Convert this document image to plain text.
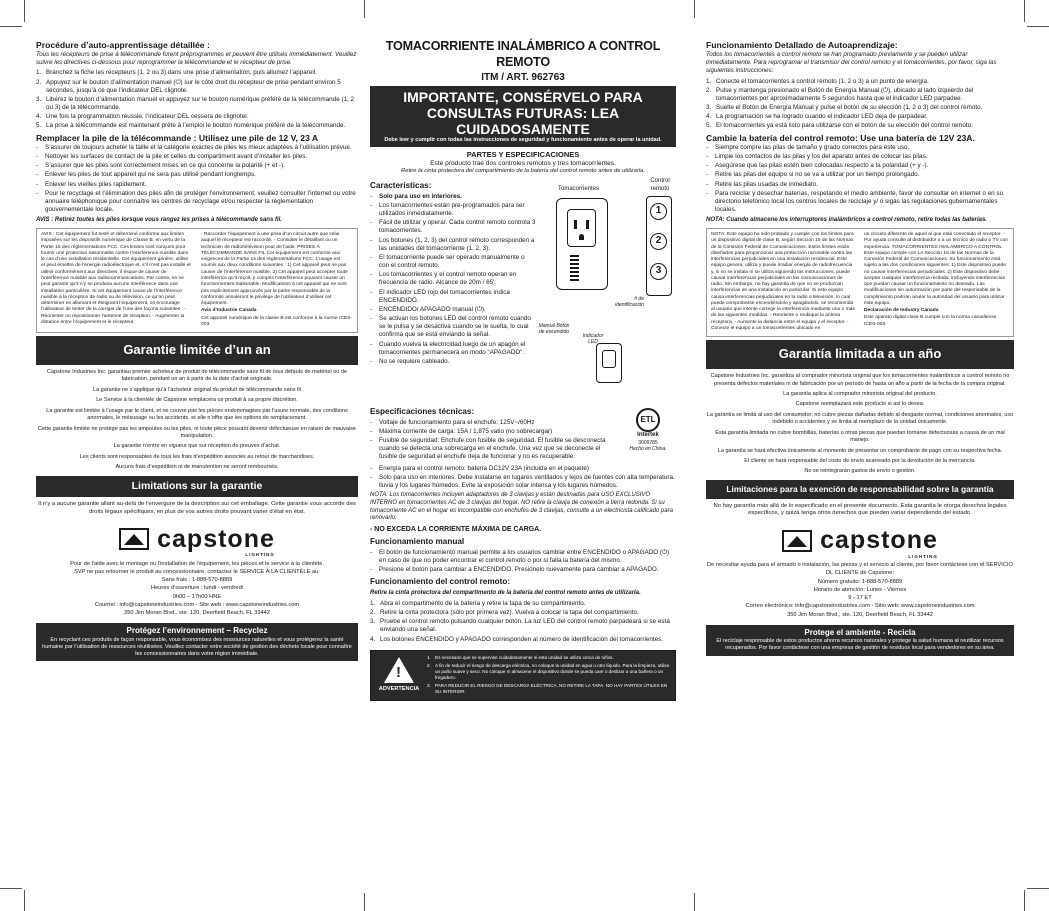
Procédure d’auto-apprentissage détaillée :

Tous les récepteurs de prise à télécommande furent préprogrammés et peuvent être utilisés immédiatement. Veuillez suivre les directives ci-dessous pour reprogrammer la télécommande et le récepteur de prise.

1. Branchez la fiche les récepteurs (1, 2 ou 3) dans une prise d’alimentation, puis allumez l’appareil.
2. Appuyez sur le bouton d’alimentation manuel (⏻) sur le côté droit du récepteur de prise pendant environ 5 secondes, jusqu’à ce que l’indicateur DEL clignote.
3. Libérez le bouton d’alimentation manuel et appuyez sur le bouton numérique préféré de la télécommande (1, 2 ou 3) de la télécommande.
4. Une fois la programmation réussie, l’indicateur DEL cessera de clignoter.
5. La prise à télécommande est maintenant prête à l’emploi le bouton numérique préféré de la télécommande.
Remplacer la pile de la télécommande : Utilisez une pile de 12 V, 23 A
-	S’assurer de toujours acheter la taille et la catégorie exactes de piles les mieux adaptées à l’utilisation prévue.
-	Nettoyer les surfaces de contact de la pile et celles du compartiment avant d’installer les piles.
-	S’assurer que les piles sont correctement mises en ce qui concerne la polarité (+ et -).
-	Enlever les piles de tout appareil qui ne sera pas utilisé pendant longtemps.
-	Enlever les vieilles piles rapidement.
-	Pour le recyclage et l’élimination des piles afin de protéger l’environnement, veuillez consulter l’internet ou votre annuaire téléphonique pour connaître les centres de recyclage et/ou respecter la réglementation gouvernementale locale.

AVIS : Retirez toutes les piles lorsque vous rangez les prises à télécommande sans fil.

AVIS : Cet équipement fut testé et déterminé conforme aux limites imposées sur les dispositifs numérique de Classe B, en vertu de la Partie 15 des réglementations FCC. Ces limites sont conçues pour fournir une protection raisonnable contre l’interférence nuisible dans le cas d’une installation résidentielle. Cet équipement génère, utilise et peut émettre de l’énergie radioélectrique et, s’il n’est pas installé et utilisé conformément aux directives, il risque de causer de l’interférence nuisible aux radiocommunications. Par contre, on ne peut garantir qu’il n’y se produira aucune interférence dans une installation particulière. Si cet équipement cause de l’interférence nuisible à la réception de radio ou de télévision, ce qu’on peut déterminer en allumant et éteignant l’équipement, on encourage l’utilisateur de tenter de la corriger de l’une des façons suivantes : - Réorienter ou repositionner l’antenne de réception. - Augmenter la distance entre l’équipement et le récepteur.

- Raccorder l’équipement à une prise d’un circuit autre que celui auquel le récepteur est raccordé. - Consulter le détaillant ou un technicien de radio/télévision pour de l’aide. PRISES À TÉLÉCOMMANDE SANS FIL Cet équipement est conforme aux exigences de la Partie 15 des réglementations FCC. L’usage est soumis aux deux conditions suivantes : 1) Cet appareil peut ne pas causer de l’interférence nuisible. 2) Cet appareil peut accepter toute interférence qu’il reçoit, y compris l’interférence pouvant causer un fonctionnement indésirable. Modifications à cet appareil qui ne sont pas explicitement approuvés par la partie responsable de la conformité annuleront le privilège de l’utilisateur d’utiliser cet équipement.

Avis d’Industrie Canada

Cet appareil numérique de la classe B est conforme à la norme ICES-003.

Garantie limitée d’un an

Capstone Industries Inc. garantiau premier acheteur de produit de télécommande sans fil de tous défauts de matériel ou de fabrication, pendant un an à partir de la date d’achat originale.

La garantie ne s’applique qu’à l’acheteur original du produit de télécommande sans fil

Le Service à la clientèle de Capstone remplacera ce produit à sa propre discrétion.

La garantie est limitée à l’usage par le client, et ne couvre pas les pièces endommagées par l’usure normale, des conditions anormales, le mésusage ou les accidents, et elle n’offre que les options de remplacement.

Cette garantie limitée ne protège pas les ampoules ou les piles, ni toute pièce pouvant devenir défectueuse en raison de mauvaise manipulation.

La garantie n’entre en vigueur que sur réception de preuves d’achat.

Les clients sont responsables de tous les frais d’expédition associés au retour de marchandises.

Aucuns frais d’expédition ni de manutention ne seront remboursés.

Limitations sur la garantie

Il n’y a aucune garantie allant au-delà de l’envergure de la description sur cet emballage. Cette garantie vous accorde des droits légaux spécifiques, en plus de vos autres droits pouvant varier d’état en état.

capstone
LIGHTING
Pour de l’aide avec le montage ou l’installation de l’équipement, les pièces et le service à la clientèle,
SVP ne pas retourner le produit au concessionnaire, contactez le SERVICE À LA CLIENTÈLE au:
Sans frais : 1-888-570-8889
Heures d’ouverture : lundi - vendredi
9h00 – 17h00 HNE
Courriel : info@capstoneindustries.com - Site web : www.capstoneindustries.com
350 Jim Moran Blvd., ste. 120, Deerfield Beach, FL 33442
Protégez l’environnement – Recyclez
En recyclant ces produits de façon responsable, vous économisez des ressources naturelles et vous protégerez la santé humaine par l’utilisation de ressources réutilisées. Veuillez contacter votre société de gestion des déchets locale pour connaître les concessionnaires dans votre région immédiate.
TOMACORRIENTE INALÁMBRICO A CONTROL REMOTO
ITM / ART. 962763
IMPORTANTE, CONSÉRVELO PARA CONSULTAS FUTURAS: LEA CUIDADOSAMENTE
Debe leer y cumplir con todas las instrucciones de seguridad y funcionamiento antes de operar la unidad.
PARTES Y ESPECIFICACIONES
Este producto trae dos controles remotos y tres tomacorrientes.
Retire la cinta protectora del compartimiento de la batería del control remoto antes de utilizarla.
Características:
-	Solo para uso en interiores.
-	Los tomacorrientes están pre-programados para ser utilizados inmediatamente.
-	Fácil de utilizar y operar. Cada control remoto controla 3 tomacorrientes.
-	Los botones (1, 2, 3) del control remoto corresponden a las unidades del tomacorriente (1, 2, 3).
-	El tomacorriente puede ser operado manualmente o con el control remoto.
-	Los tomacorrientes y el control remoto operan en frecuencia de radio. Alcance de 20m / 65'.
-	El indicador LED rojo del tomacorrientes indica ENCENDIDO.
-	ENCENDIDO/ APAGADO manual (⏻).
-	Se activan los botones LED del control remoto cuando se le pulsa y se desactiva cuando se le suelta, lo cual confirma que se está enviando la señal.
-	Cuando vuelva la electricidad luego de un apagón el tomacorrientes permanecerá en modo “APAGADO”.
-	No se requiere cableado.
Control remoto
Tomacorrientes
1
2
3
# de identificación
Manual Botón de encendido
Indicador LED
Especificaciones técnicas:
-	Voltaje de funcionamiento para el enchufe: 125V~/60Hz
-	Máxima corriente de carga: 15A / 1,875 vatio (no sobrecargar)
-	Fusible de seguridad: Enchufe con fusible de seguridad. El fusible se desconecta cuando se detecta una sobrecarga en el enchufe. Una vez que se deconecte el fusible de seguridad el enchufe deja de funcionar y no es recuperable.
ETL
Intertek
3009785
Hecho en China.
-	Energía para el control remoto: batería DC12V 23A (incluida en el paquete)
-	Sólo para uso en interiores. Debe instalarse en lugares ventilados y lejos de fuentes con alta temperatura. lluvia y los lugares húmedos. Evite la exposición solar intensa y los lugares húmedos.

NOTA: Los tomacorrientes incluyen adaptadores de 3 clavijas y están destinadas para USO EXCLUSIVO INTERNO en tomacorrientes AC de 3 clavijas del hogar. NO retire la clavija de conexión a tierra redonda. Si su tomacorriente AC en el hogar es incompatible con enchufes de 3 clavijas, consulte a un electricista calificado para renovarlo.

- NO EXCEDA LA CORRIENTE MÁXIMA DE CARGA.

Funcionamiento manual
-	El botón de funcionamiento manual permite a los usuarios cambiar entre ENCENDIDO o APAGADO (⏻) en caso de que no poder encontrar el control remoto o por si falla la batería del mismo.
-	Presione el botón para cambiar a ENCENDIDO. Presiónelo nuevamente para cambiar a APAGADO.
Funcionamiento del control remoto:

Retire la cinta protectora del compartimento de la batería del control remoto antes de utilizarla.

1. Abra el compartimento de la batería y retire la tapa de su compartimiento.
2. Retire la cinta protectora (sólo por primera vez). Vuelva a colocar la tapa del compartimiento.
3. Pruebe el control remoto pulsando cualquier botón. La luz LED del control remoto parpadeará si se está enviando una señal.
4. Los botones ENCENDIDO y APAGADO corresponden al número de identificación del tomacorrientes.
!
ADVERTENCIA
1. Es necesario que se supervise cuidadosamente si esta unidad se utiliza cerca de niños.
2. A fin de reducir el riesgo de descarga eléctrica, no coloque la unidad en agua u otro líquido. Para la limpieza, utilice un paño suave y seco. No coloque ni almacene el dispositivo donde se pueda caer o deslizar a una bañera o un fregadero.
3. PARA REDUCIR EL RIESGO DE DESCARGA ELÉCTRICA, NO RETIRE LA TAPA. NO HAY PARTES ÚTILES EN SU INTERIOR.
Funcionamiento Detallado de Autoaprendizaje:

Todos los tomacorrientes a control remoto se han programado previamente y se pueden utilizar inmediatamente. Para reprogramar el transmisor del control remoto y el tomacorrientes, por favor, siga las siguientes instrucciones:

1. Conecte el tomacorrientes a control remoto (1, 2 o 3) a un punto de energía.
2. Pulse y mantenga presionado el Botón de Energía Manual (⏻), ubicado al lado izquierdo del tomacorrientes por aproximadamente 5 segundos hasta que el indicador LED parpadee.
3. Suelte el Botón de Energía Manual y pulse el botón de su elección (1, 2 o 3) del control remoto.
4. La programación se ha logrado cuando el indicador LED deja de parpadear.
5. El tomacorrientes ya está listo para utilizarse con el botón de su elección del control remoto.
Cambie la batería del control remoto: Use una batería de 12V 23A.
-	Siempre compre las pilas de tamaño y grado correctos para este uso.
-	Limpie los contactos de las pilas y los del aparato antes de colocar las pilas.
-	Asegúrese que las pilas estén bien colocadas respecto a la polaridad (+ y -).
-	Retire las pilas del equipo si no se va a utilizar por un tiempo prolongado.
-	Retire las pilas usadas de inmediato.
-	Para reciclar y desechar baterías, respetando el medio ambiente, favor de consultar en internet o en su directorio telefónico local los centros locales de reciclaje y/ o sigas las regulaciones gubernamentales locales.

NOTA: Cuando almacene los interruptores inalámbricos a control remoto, retire todas las baterías.

NOTA: Este equipo ha sido probado y cumple con los límites para un dispositivo digital de clase B, según Sección 15 de las Normas de la Comisión Federal de Comunicaciones. Estos límites están diseñados para proporcionar una protección razonable contra las interferencias perjudiciales en una instalación residencial. Este equipo genera, utiliza y puede irradiar energía de radiofrecuencia y, si no se instala ni se utiliza siguiendo las instrucciones, puede causar interferencias perjudiciales en las comunicaciones de radio. Sin embargo, no hay garantía de que no se produzcan interferencias en una instalación en particular. Si este equipo causa interferencias perjudiciales en la radio o televisión, lo cual puede comprobarse encendiéndolo y apagándolo, se recomienda al usuario que intente corregir la interferencia mediante una o más de las siguientes medidas: - Reoriente o reubique la antena receptora. - Aumente la distancia entre el equipo y el receptor. - Conecte el equipo a un tomacorrientes ubicado en

un circuito diferente de aquel al que está conectado el receptor. - Por ayuda consulte al distribuidor o a un técnico de radio o TV con experiencia. TOMACORRIENTES INALÁMBRICO A CONTROL Este equipo cumple con LA Sección 15 de las Normas de la Comisión Federal de Comunicaciones. Su funcionamiento está sujeto a las dos condiciones siguientes: 1) Este dispositivo puede no causar interferencias perjudiciales. 2) Este dispositivo debe aceptar cualquier interferencia recibida, incluyendo interferencias que puedan causar un funcionamiento no deseado. Las modificaciones sin autorización por parte del responsable de la cumplimiento podrían anular la autoridad del usuario para utilizar este equipo.

Declaración de Industry Canada

Este aparato digital clase B cumple con la norma canadiense ICES-003.

Garantía limitada a un año

Capstone Industries Inc. garantiza al comprador minorista original que los tomacorrientes inalámbricos a control remoto no presenta defectos materiales ni de fabricación por un período de hasta un año a partir de la fecha de la compra original.

La garantía aplica al comprador minorista original del producto.

Capstone reemplazará este producto si así lo desea.

La garantía se limita al uso del consumidor; no cubre piezas dañadas debido al desgaste normal, condiciones anormales, uso indebido o accidentes y se limita al reemplazo de la unidad únicamente.

Esta garantía limitada no cubre bombillas, baterías u otras piezas que puedan tornarse defectuosas a causa de un mal manejo.

La garantía se hará efectiva únicamente al momento de presentar un comprobante de pago con su respectiva fecha.

El cliente se hará responsable del costo de envío acarreado por la devolución de la mercancía.

No se reintegrarán gastos de envío o gestión.

Limitaciones para la exención de responsabilidad sobre la garantía

No hay garantía más allá de lo especificado en el presente documento. Esta garantía le otorga derechos legales específicos, y quizá tenga otros derechos que pueden variar dependiendo del estado.

capstone
LIGHTING
De necesitar ayuda para el armado o instalación, las piezas y el servicio al cliente, por favor contáctese con el SERVICIO DL CLIENTE de Capstone:
Número gratuito: 1-888-570-8889
Horario de atención: Lunes - Viernes
9 - 17 ET
Correo electrónico: info@capstoneindustries.com - Sitio web: www.capstoneindustries.com
350 Jim Moran Blvd., ste. 120, Deerfield Beach, FL 33442
Protege el ambiente - Recicla
El reciclaje responsable de estos productos ahorra recursos naturales y protege la salud humana al reutilizar recursos recuperados. Por favor contáctese con una empresa de gestión de residuos local para vendedores en su área.
